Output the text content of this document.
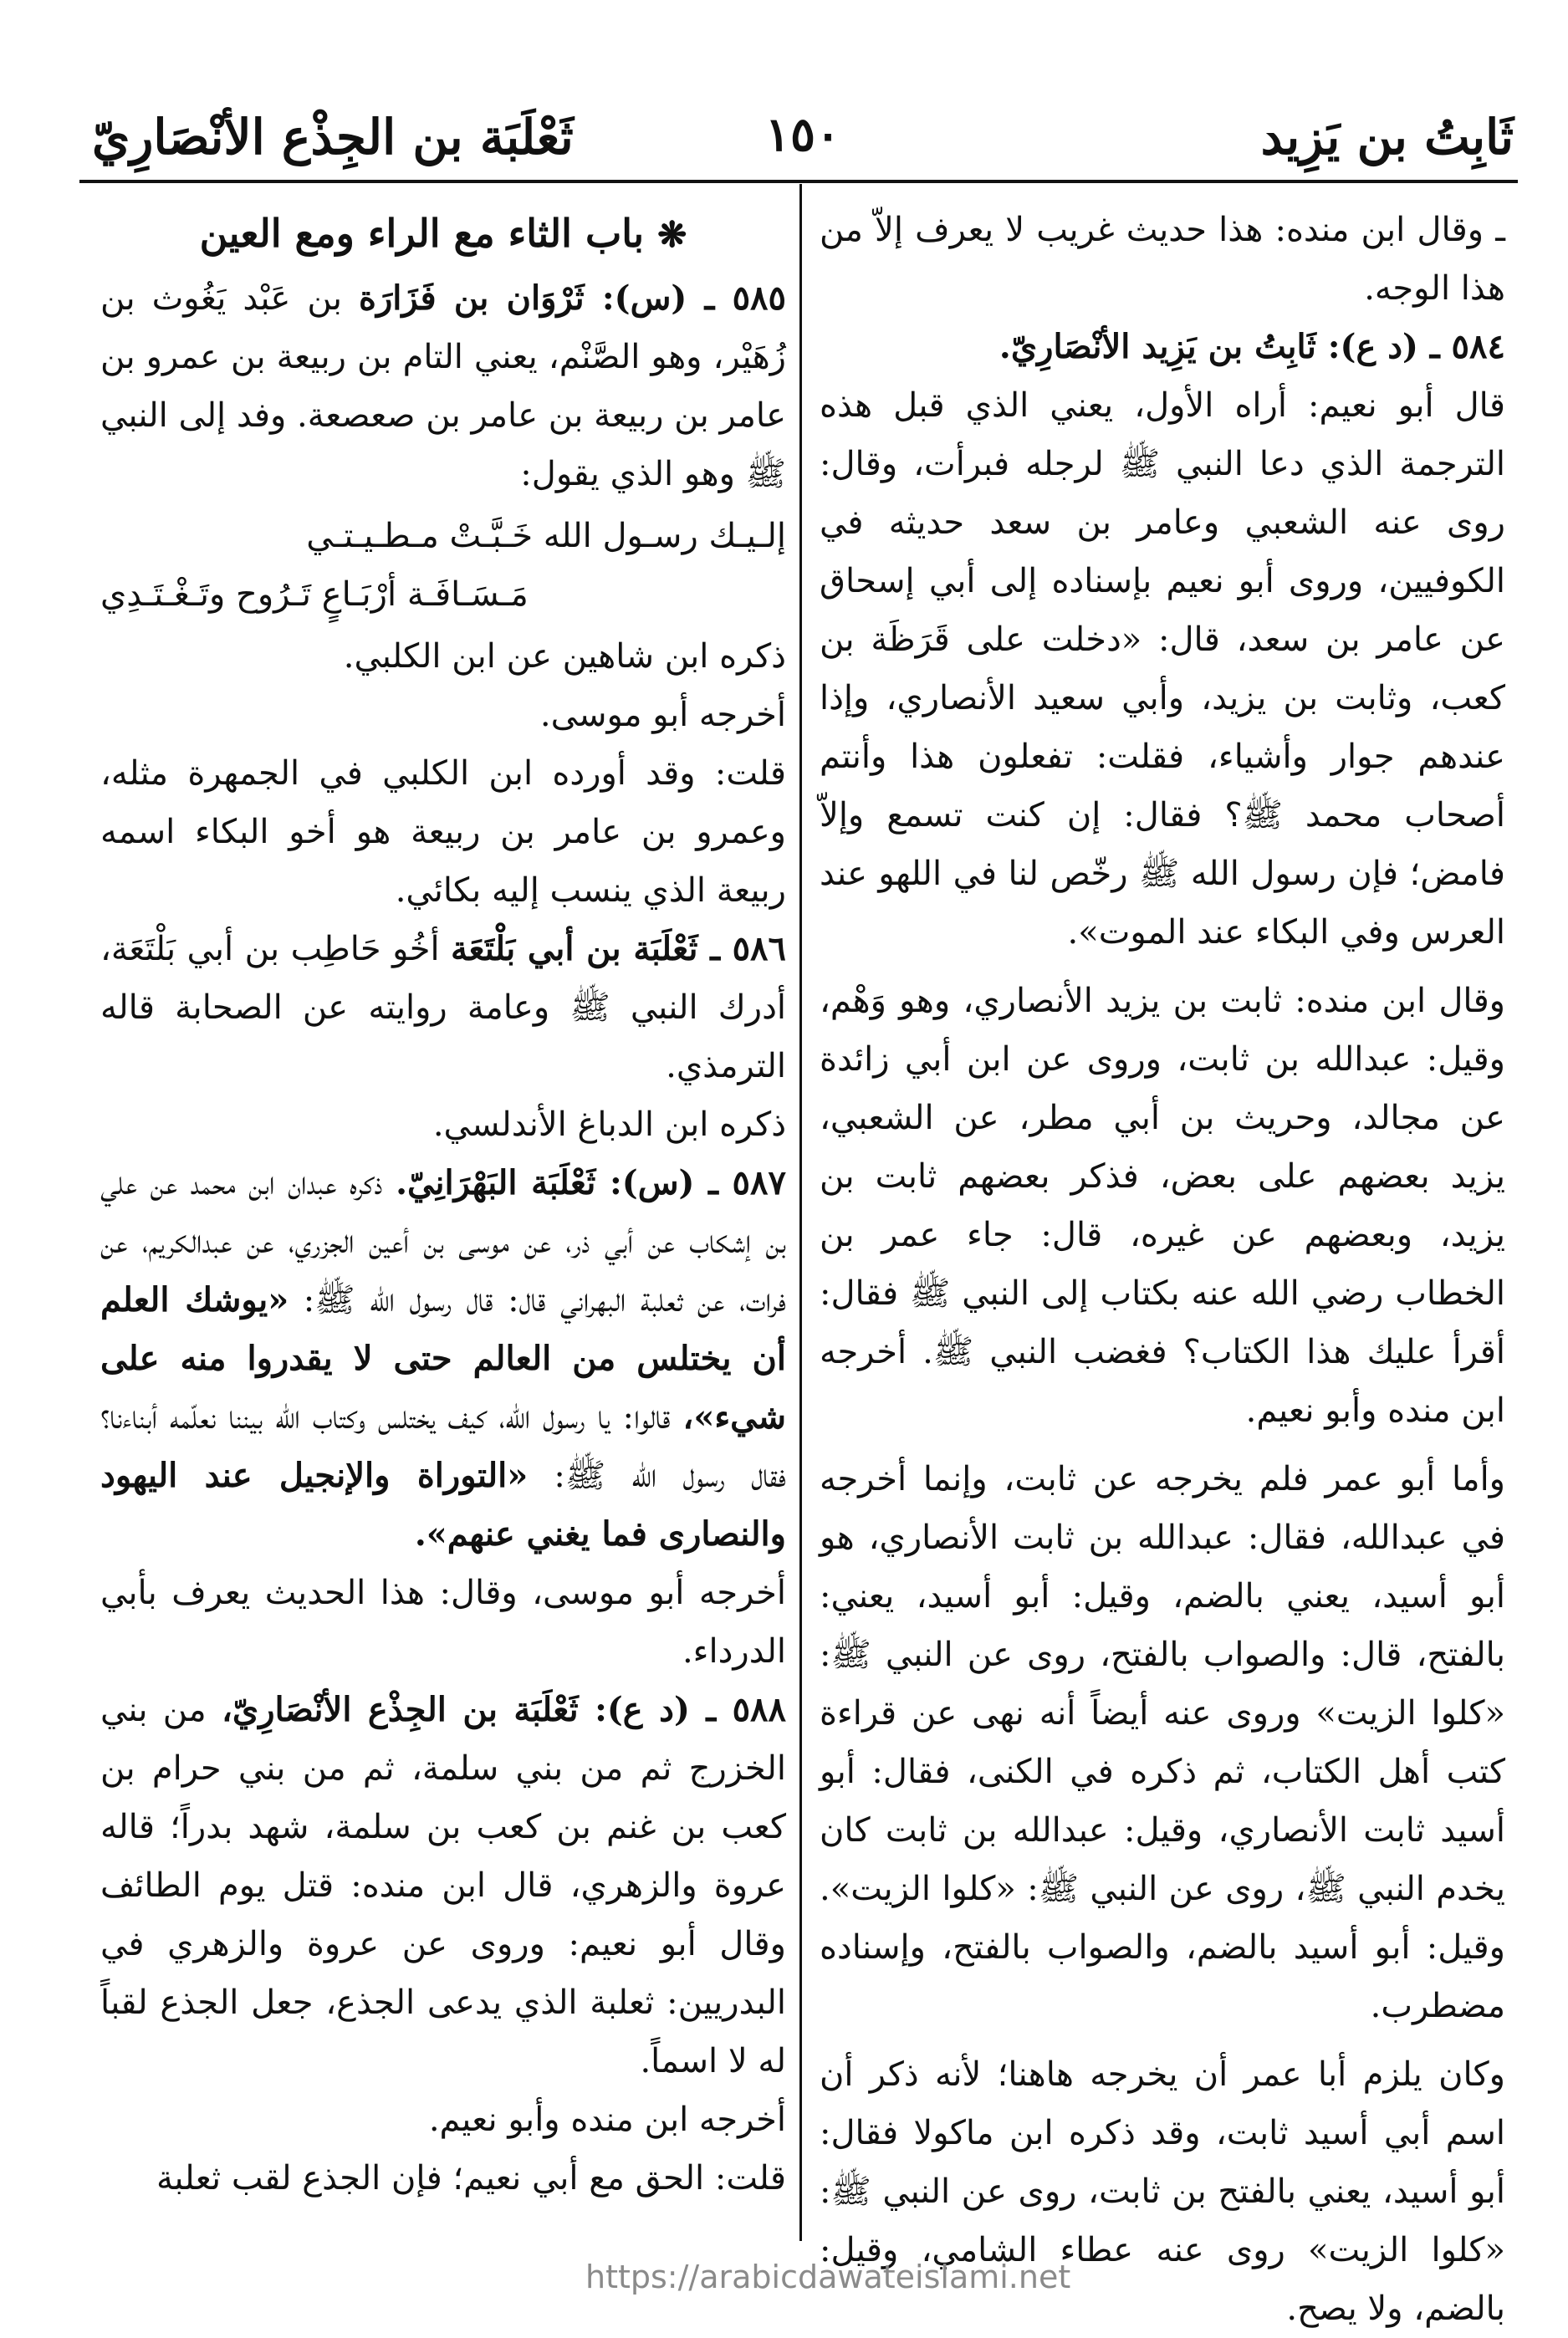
ثَابِتُ بن يَزِيد
١٥٠
ثَعْلَبَة بن الجِذْع الأنْصَارِيّ

ـ وقال ابن منده: هذا حديث غريب لا يعرف إلاّ من هذا الوجه.

٥٨٤ ـ (د ع): ثَابِتُ بن يَزِيد الأنْصَارِيّ.

قال أبو نعيم: أراه الأول، يعني الذي قبل هذه الترجمة الذي دعا النبي ﷺ لرجله فبرأت، وقال: روى عنه الشعبي وعامر بن سعد حديثه في الكوفيين، وروى أبو نعيم بإسناده إلى أبي إسحاق عن عامر بن سعد، قال: «دخلت على قَرَظَة بن كعب، وثابت بن يزيد، وأبي سعيد الأنصاري، وإذا عندهم جوار وأشياء، فقلت: تفعلون هذا وأنتم أصحاب محمد ﷺ؟ فقال: إن كنت تسمع وإلاّ فامض؛ فإن رسول الله ﷺ رخّص لنا في اللهو عند العرس وفي البكاء عند الموت».

وقال ابن منده: ثابت بن يزيد الأنصاري، وهو وَهْم، وقيل: عبدالله بن ثابت، وروى عن ابن أبي زائدة عن مجالد، وحريث بن أبي مطر، عن الشعبي، يزيد بعضهم على بعض، فذكر بعضهم ثابت بن يزيد، وبعضهم عن غيره، قال: جاء عمر بن الخطاب رضي الله عنه بكتاب إلى النبي ﷺ فقال: أقرأ عليك هذا الكتاب؟ فغضب النبي ﷺ. أخرجه ابن منده وأبو نعيم.

وأما أبو عمر فلم يخرجه عن ثابت، وإنما أخرجه في عبدالله، فقال: عبدالله بن ثابت الأنصاري، هو أبو أسيد، يعني بالضم، وقيل: أبو أسيد، يعني: بالفتح، قال: والصواب بالفتح، روى عن النبي ﷺ: «كلوا الزيت» وروى عنه أيضاً أنه نهى عن قراءة كتب أهل الكتاب، ثم ذكره في الكنى، فقال: أبو أسيد ثابت الأنصاري، وقيل: عبدالله بن ثابت كان يخدم النبي ﷺ، روى عن النبي ﷺ: «كلوا الزيت». وقيل: أبو أسيد بالضم، والصواب بالفتح، وإسناده مضطرب.

وكان يلزم أبا عمر أن يخرجه هاهنا؛ لأنه ذكر أن اسم أبي أسيد ثابت، وقد ذكره ابن ماكولا فقال: أبو أسيد، يعني بالفتح بن ثابت، روى عن النبي ﷺ: «كلوا الزيت» روى عنه عطاء الشامي، وقيل: بالضم، ولا يصح.

❋ باب الثاء مع الراء ومع العين

٥٨٥ ـ (س): ثَرْوَان بن فَزَارَة بن عَبْد يَغُوث بن زُهَيْر، وهو الصَّنْم، يعني التام بن ربيعة بن عمرو بن عامر بن ربيعة بن عامر بن صعصعة. وفد إلى النبي ﷺ وهو الذي يقول:

إلـيـك رسـول الله خَـبَّـتْ مـطـيـتـي
مَـسَـافَـة أرْبَـاعٍ تَـرُوح وتَـغْـتَـدِي

ذكره ابن شاهين عن ابن الكلبي.

أخرجه أبو موسى.

قلت: وقد أورده ابن الكلبي في الجمهرة مثله، وعمرو بن عامر بن ربيعة هو أخو البكاء اسمه ربيعة الذي ينسب إليه بكائي.

٥٨٦ ـ ثَعْلَبَة بن أبي بَلْتَعَة أخُو حَاطِب بن أبي بَلْتَعَة، أدرك النبي ﷺ وعامة روايته عن الصحابة قاله الترمذي.

ذكره ابن الدباغ الأندلسي.

٥٨٧ ـ (س): ثَعْلَبَة البَهْرَانِيّ. ذكره عبدان ابن محمد عن علي بن إشكاب عن أبي ذر، عن موسى بن أعين الجزري، عن عبدالكريم، عن فرات، عن ثعلبة البهراني قال: قال رسول الله ﷺ: «يوشك العلم أن يختلس من العالم حتى لا يقدروا منه على شيء»، قالوا: يا رسول الله، كيف يختلس وكتاب الله بيننا نعلّمه أبناءنا؟ فقال رسول الله ﷺ: «التوراة والإنجيل عند اليهود والنصارى فما يغني عنهم».

أخرجه أبو موسى، وقال: هذا الحديث يعرف بأبي الدرداء.

٥٨٨ ـ (د ع): ثَعْلَبَة بن الجِذْع الأنْصَارِيّ، من بني الخزرج ثم من بني سلمة، ثم من بني حرام بن كعب بن غنم بن كعب بن سلمة، شهد بدراً؛ قاله عروة والزهري، قال ابن منده: قتل يوم الطائف وقال أبو نعيم: وروى عن عروة والزهري في البدريين: ثعلبة الذي يدعى الجذع، جعل الجذع لقباً له لا اسماً.

أخرجه ابن منده وأبو نعيم.

قلت: الحق مع أبي نعيم؛ فإن الجذع لقب ثعلبة

https://arabicdawateislami.net
